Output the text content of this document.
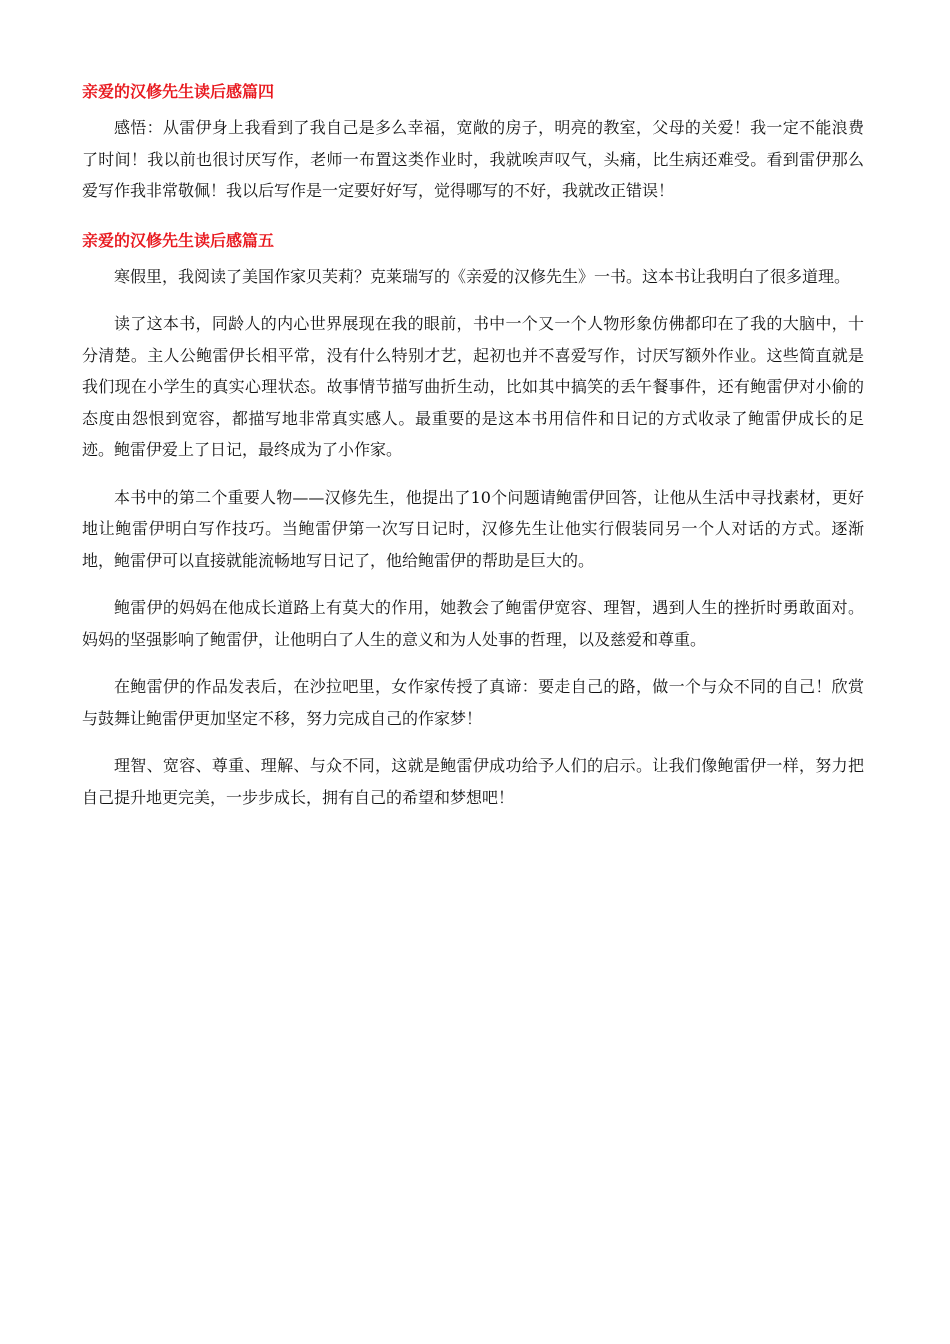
亲爱的汉修先生读后感篇四

感悟：从雷伊身上我看到了我自己是多么幸福，宽敞的房子，明亮的教室，父母的关爱！我一定不能浪费了时间！我以前也很讨厌写作，老师一布置这类作业时，我就唉声叹气，头痛，比生病还难受。看到雷伊那么爱写作我非常敬佩！我以后写作是一定要好好写，觉得哪写的不好，我就改正错误！

亲爱的汉修先生读后感篇五

寒假里，我阅读了美国作家贝芙莉？克莱瑞写的《亲爱的汉修先生》一书。这本书让我明白了很多道理。

读了这本书，同龄人的内心世界展现在我的眼前，书中一个又一个人物形象仿佛都印在了我的大脑中，十分清楚。主人公鲍雷伊长相平常，没有什么特别才艺，起初也并不喜爱写作，讨厌写额外作业。这些简直就是我们现在小学生的真实心理状态。故事情节描写曲折生动，比如其中搞笑的丢午餐事件，还有鲍雷伊对小偷的态度由怨恨到宽容，都描写地非常真实感人。最重要的是这本书用信件和日记的方式收录了鲍雷伊成长的足迹。鲍雷伊爱上了日记，最终成为了小作家。

本书中的第二个重要人物——汉修先生，他提出了10个问题请鲍雷伊回答，让他从生活中寻找素材，更好地让鲍雷伊明白写作技巧。当鲍雷伊第一次写日记时，汉修先生让他实行假装同另一个人对话的方式。逐渐地，鲍雷伊可以直接就能流畅地写日记了，他给鲍雷伊的帮助是巨大的。

鲍雷伊的妈妈在他成长道路上有莫大的作用，她教会了鲍雷伊宽容、理智，遇到人生的挫折时勇敢面对。妈妈的坚强影响了鲍雷伊，让他明白了人生的意义和为人处事的哲理，以及慈爱和尊重。

在鲍雷伊的作品发表后，在沙拉吧里，女作家传授了真谛：要走自己的路，做一个与众不同的自己！欣赏与鼓舞让鲍雷伊更加坚定不移，努力完成自己的作家梦！

理智、宽容、尊重、理解、与众不同，这就是鲍雷伊成功给予人们的启示。让我们像鲍雷伊一样，努力把自己提升地更完美，一步步成长，拥有自己的希望和梦想吧！
